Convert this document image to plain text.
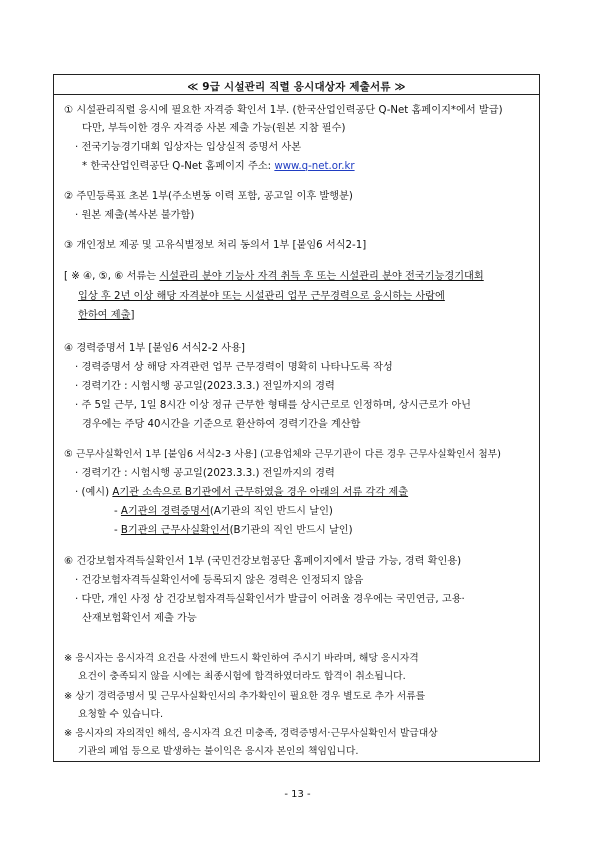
≪ 9급 시설관리 직렬 응시대상자 제출서류 ≫
① 시설관리직렬 응시에 필요한 자격증 확인서 1부. (한국산업인력공단 Q-Net 홈페이지*에서 발급)
다만, 부득이한 경우 자격증 사본 제출 가능(원본 지참 필수)
· 전국기능경기대회 입상자는 입상실적 증명서 사본
* 한국산업인력공단 Q-Net 홈페이지 주소: www.q-net.or.kr
② 주민등록표 초본 1부(주소변동 이력 포함, 공고일 이후 발행분)
· 원본 제출(복사본 불가함)
③ 개인정보 제공 및 고유식별정보 처리 동의서 1부 [붙임6 서식2-1]
[ ※ ④, ⑤, ⑥ 서류는 시설관리 분야 기능사 자격 취득 후 또는 시설관리 분야 전국기능경기대회
입상 후 2년 이상 해당 자격분야 또는 시설관리 업무 근무경력으로 응시하는 사람에
한하여 제출]
④ 경력증명서 1부 [붙임6 서식2-2 사용]
· 경력증명서 상 해당 자격관련 업무 근무경력이 명확히 나타나도록 작성
· 경력기간 : 시험시행 공고일(2023.3.3.) 전일까지의 경력
· 주 5일 근무, 1일 8시간 이상 정규 근무한 형태를 상시근로로 인정하며, 상시근로가 아닌
경우에는 주당 40시간을 기준으로 환산하여 경력기간을 계산함
⑤ 근무사실확인서 1부 [붙임6 서식2-3 사용] (고용업체와 근무기관이 다른 경우 근무사실확인서 첨부)
· 경력기간 : 시험시행 공고일(2023.3.3.) 전일까지의 경력
· (예시) A기관 소속으로 B기관에서 근무하였을 경우 아래의 서류 각각 제출
- A기관의 경력증명서(A기관의 직인 반드시 날인)
- B기관의 근무사실확인서(B기관의 직인 반드시 날인)
⑥ 건강보험자격득실확인서 1부 (국민건강보험공단 홈페이지에서 발급 가능, 경력 확인용)
· 건강보험자격득실확인서에 등록되지 않은 경력은 인정되지 않음
· 다만, 개인 사정 상 건강보험자격득실확인서가 발급이 어려울 경우에는 국민연금, 고용·
산재보험확인서 제출 가능
※ 응시자는 응시자격 요건을 사전에 반드시 확인하여 주시기 바라며, 해당 응시자격
요건이 충족되지 않을 시에는 최종시험에 합격하였더라도 합격이 취소됩니다.
※ 상기 경력증명서 및 근무사실확인서의 추가확인이 필요한 경우 별도로 추가 서류를
요청할 수 있습니다.
※ 응시자의 자의적인 해석, 응시자격 요건 미충족, 경력증명서·근무사실확인서 발급대상
기관의 폐업 등으로 발생하는 불이익은 응시자 본인의 책임입니다.
- 13 -
